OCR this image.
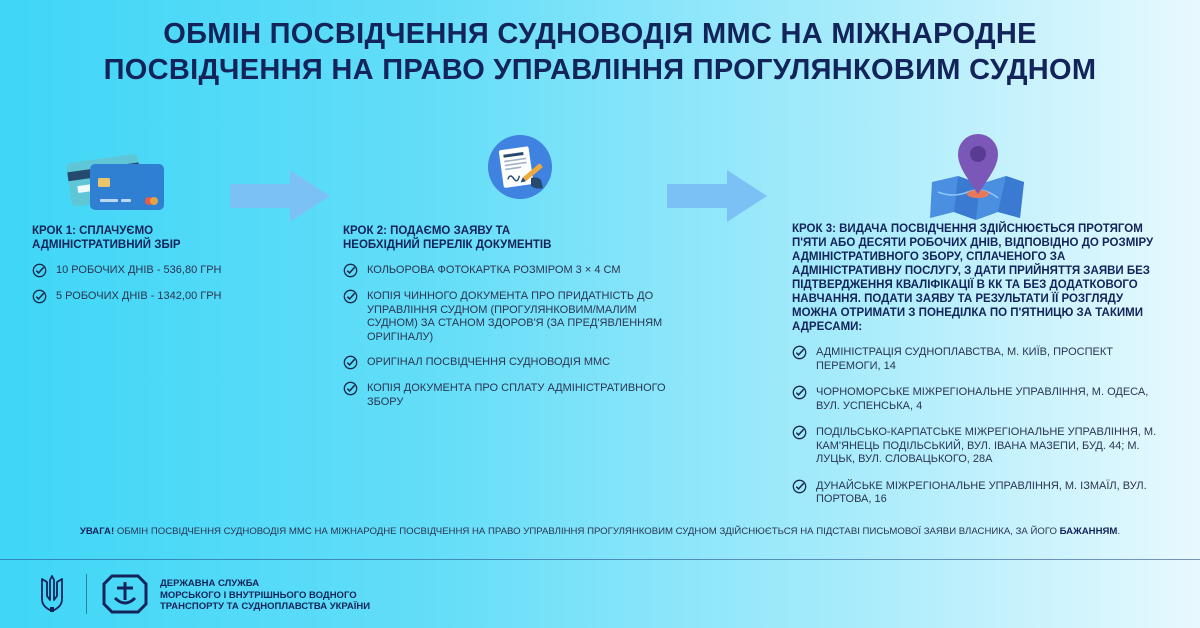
ОБМІН ПОСВІДЧЕННЯ СУДНОВОДІЯ ММС НА МІЖНАРОДНЕ
ПОСВІДЧЕННЯ НА ПРАВО УПРАВЛІННЯ ПРОГУЛЯНКОВИМ СУДНОМ
КРОК 1: СПЛАЧУЄМО
АДМІНІСТРАТИВНИЙ ЗБІР
10 РОБОЧИХ ДНІВ - 536,80 ГРН
5 РОБОЧИХ ДНІВ - 1342,00 ГРН
КРОК 2: ПОДАЄМО ЗАЯВУ ТА
НЕОБХІДНИЙ ПЕРЕЛІК ДОКУМЕНТІВ
КОЛЬОРОВА ФОТОКАРТКА РОЗМІРОМ 3 × 4 СМ
КОПІЯ ЧИННОГО ДОКУМЕНТА ПРО ПРИДАТНІСТЬ ДО УПРАВЛІННЯ СУДНОМ (ПРОГУЛЯНКОВИМ/МАЛИМ СУДНОМ) ЗА СТАНОМ ЗДОРОВ'Я (ЗА ПРЕД'ЯВЛЕННЯМ ОРИГІНАЛУ)
ОРИГІНАЛ ПОСВІДЧЕННЯ СУДНОВОДІЯ ММС
КОПІЯ ДОКУМЕНТА ПРО СПЛАТУ АДМІНІСТРАТИВНОГО ЗБОРУ
КРОК 3: ВИДАЧА ПОСВІДЧЕННЯ ЗДІЙСНЮЄТЬСЯ ПРОТЯГОМ П'ЯТИ АБО ДЕСЯТИ РОБОЧИХ ДНІВ, ВІДПОВІДНО ДО РОЗМІРУ АДМІНІСТРАТИВНОГО ЗБОРУ, СПЛАЧЕНОГО ЗА АДМІНІСТРАТИВНУ ПОСЛУГУ, З ДАТИ ПРИЙНЯТТЯ ЗАЯВИ БЕЗ ПІДТВЕРДЖЕННЯ КВАЛІФІКАЦІЇ В КК ТА БЕЗ ДОДАТКОВОГО НАВЧАННЯ. ПОДАТИ ЗАЯВУ ТА РЕЗУЛЬТАТИ ЇЇ РОЗГЛЯДУ МОЖНА ОТРИМАТИ З ПОНЕДІЛКА ПО П'ЯТНИЦЮ ЗА ТАКИМИ АДРЕСАМИ:
АДМІНІСТРАЦІЯ СУДНОПЛАВСТВА, М. КИЇВ, ПРОСПЕКТ ПЕРЕМОГИ, 14
ЧОРНОМОРСЬКЕ МІЖРЕГІОНАЛЬНЕ УПРАВЛІННЯ, М. ОДЕСА, ВУЛ. УСПЕНСЬКА, 4
ПОДІЛЬСЬКО-КАРПАТСЬКЕ МІЖРЕГІОНАЛЬНЕ УПРАВЛІННЯ, М. КАМ'ЯНЕЦЬ ПОДІЛЬСЬКИЙ, ВУЛ. ІВАНА МАЗЕПИ, БУД. 44; М. ЛУЦЬК, ВУЛ. СЛОВАЦЬКОГО, 28А
ДУНАЙСЬКЕ МІЖРЕГІОНАЛЬНЕ УПРАВЛІННЯ, М. ІЗМАЇЛ, ВУЛ. ПОРТОВА, 16
УВАГА! ОБМІН ПОСВІДЧЕННЯ СУДНОВОДІЯ ММС НА МІЖНАРОДНЕ ПОСВІДЧЕННЯ НА ПРАВО УПРАВЛІННЯ ПРОГУЛЯНКОВИМ СУДНОМ ЗДІЙСНЮЄТЬСЯ НА ПІДСТАВІ ПИСЬМОВОЇ ЗАЯВИ ВЛАСНИКА, ЗА ЙОГО БАЖАННЯМ.
ДЕРЖАВНА СЛУЖБА
МОРСЬКОГО І ВНУТРІШНЬОГО ВОДНОГО
ТРАНСПОРТУ ТА СУДНОПЛАВСТВА УКРАЇНИ
